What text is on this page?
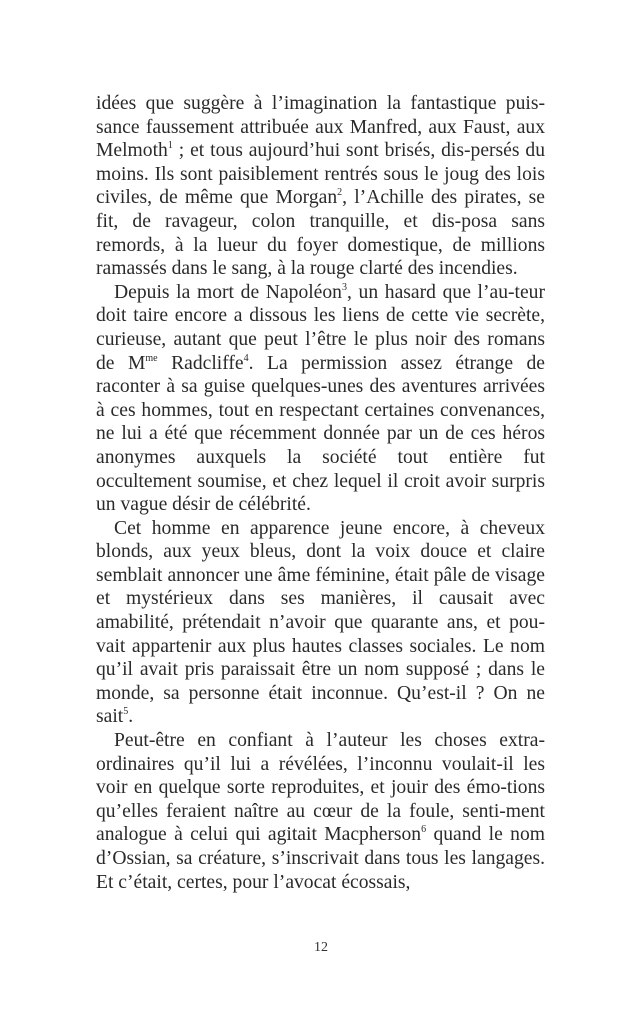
idées que suggère à l’imagination la fantastique puis-sance faussement attribuée aux Manfred, aux Faust, aux Melmoth$^1$ ; et tous aujourd’hui sont brisés, dis-persés du moins. Ils sont paisiblement rentrés sous le joug des lois civiles, de même que Morgan$^2$, l’Achille des pirates, se fit, de ravageur, colon tranquille, et dis-posa sans remords, à la lueur du foyer domestique, de millions ramassés dans le sang, à la rouge clarté des incendies.

Depuis la mort de Napoléon$^3$, un hasard que l’au-teur doit taire encore a dissous les liens de cette vie secrète, curieuse, autant que peut l’être le plus noir des romans de $M^{me}$ Radcliffe$^4$. La permission assez étrange de raconter à sa guise quelques-unes des aventures arrivées à ces hommes, tout en respectant certaines convenances, ne lui a été que récemment donnée par un de ces héros anonymes auxquels la société tout entière fut occultement soumise, et chez lequel il croit avoir surpris un vague désir de célébrité.

Cet homme en apparence jeune encore, à cheveux blonds, aux yeux bleus, dont la voix douce et claire semblait annoncer une âme féminine, était pâle de visage et mystérieux dans ses manières, il causait avec amabilité, prétendait n’avoir que quarante ans, et pou-vait appartenir aux plus hautes classes sociales. Le nom qu’il avait pris paraissait être un nom supposé ; dans le monde, sa personne était inconnue. Qu’est-il ? On ne sait$^5$.

Peut-être en confiant à l’auteur les choses extra-ordinaires qu’il lui a révélées, l’inconnu voulait-il les voir en quelque sorte reproduites, et jouir des émo-tions qu’elles feraient naître au cœur de la foule, senti-ment analogue à celui qui agitait Macpherson$^6$ quand le nom d’Ossian, sa créature, s’inscrivait dans tous les langages. Et c’était, certes, pour l’avocat écossais,

12
